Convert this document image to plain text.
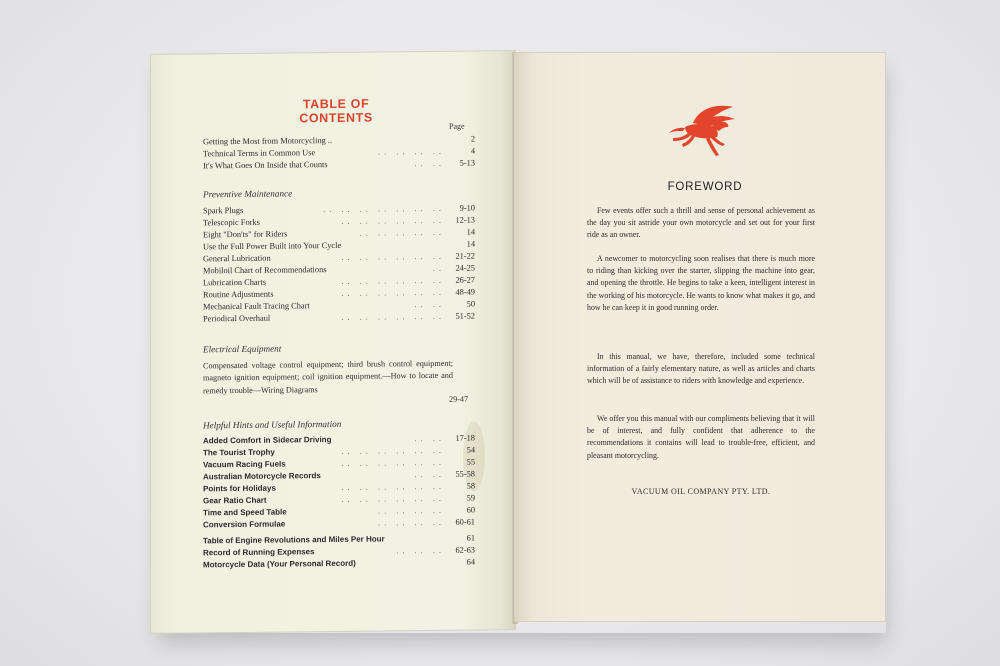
TABLE OF CONTENTS
Page
Getting the Most from Motorcycling ..	2
Technical Terms in Common Use	.. .. .. ..	4
It's What Goes On Inside that Counts	.. .. 5-13
Preventive Maintenance
Spark Plugs	.. .. .. .. .. .. .. 9-10
Telescopic Forks	.. .. .. .. .. .. 12-13
Eight "Don'ts" for Riders	.. .. .. .. ..	14
Use the Full Power Built into Your Cycle	14
General Lubrication	.. .. .. .. .. .. 21-22
Mobiloil Chart of Recommendations	.. 24-25
Lubrication Charts	.. .. .. .. .. .. 26-27
Routine Adjustments	.. .. .. .. .. .. 48-49
Mechanical Fault Tracing Chart	.. ..	50
Periodical Overhaul	.. .. .. .. .. .. 51-52
Electrical Equipment
Compensated voltage control equipment; third brush control equipment; magneto ignition equipment; coil ignition equipment.—How to locate and remedy trouble—Wiring Diagrams
29-47
Helpful Hints and Useful Information
Added Comfort in Sidecar Driving	.. .. 17-18
The Tourist Trophy	.. .. .. .. .. ..	54
Vacuum Racing Fuels	.. .. .. .. .. ..	55
Australian Motorcycle Records	.. .. 55-58
Points for Holidays	.. .. .. .. .. ..	58
Gear Ratio Chart	.. .. .. .. .. ..	59
Time and Speed Table	.. .. .. ..	60
Conversion Formulae	.. .. .. .. 60-61
Table of Engine Revolutions and Miles Per Hour	61
Record of Running Expenses	.. .. .. 62-63
Motorcycle Data (Your Personal Record)	64
FOREWORD
Few events offer such a thrill and sense of personal achievement as the day you sit astride your own motorcycle and set out for your first ride as an owner.
A newcomer to motorcycling soon realises that there is much more to riding than kicking over the starter, slipping the machine into gear, and opening the throttle. He begins to take a keen, intelligent interest in the working of his motorcycle. He wants to know what makes it go, and how he can keep it in good running order.
In this manual, we have, therefore, included some technical information of a fairly elementary nature, as well as articles and charts which will be of assistance to riders with knowledge and experience.
We offer you this manual with our compliments believing that it will be of interest, and fully confident that adherence to the recommendations it contains will lead to trouble-free, efficient, and pleasant motorcycling.
VACUUM OIL COMPANY PTY. LTD.
